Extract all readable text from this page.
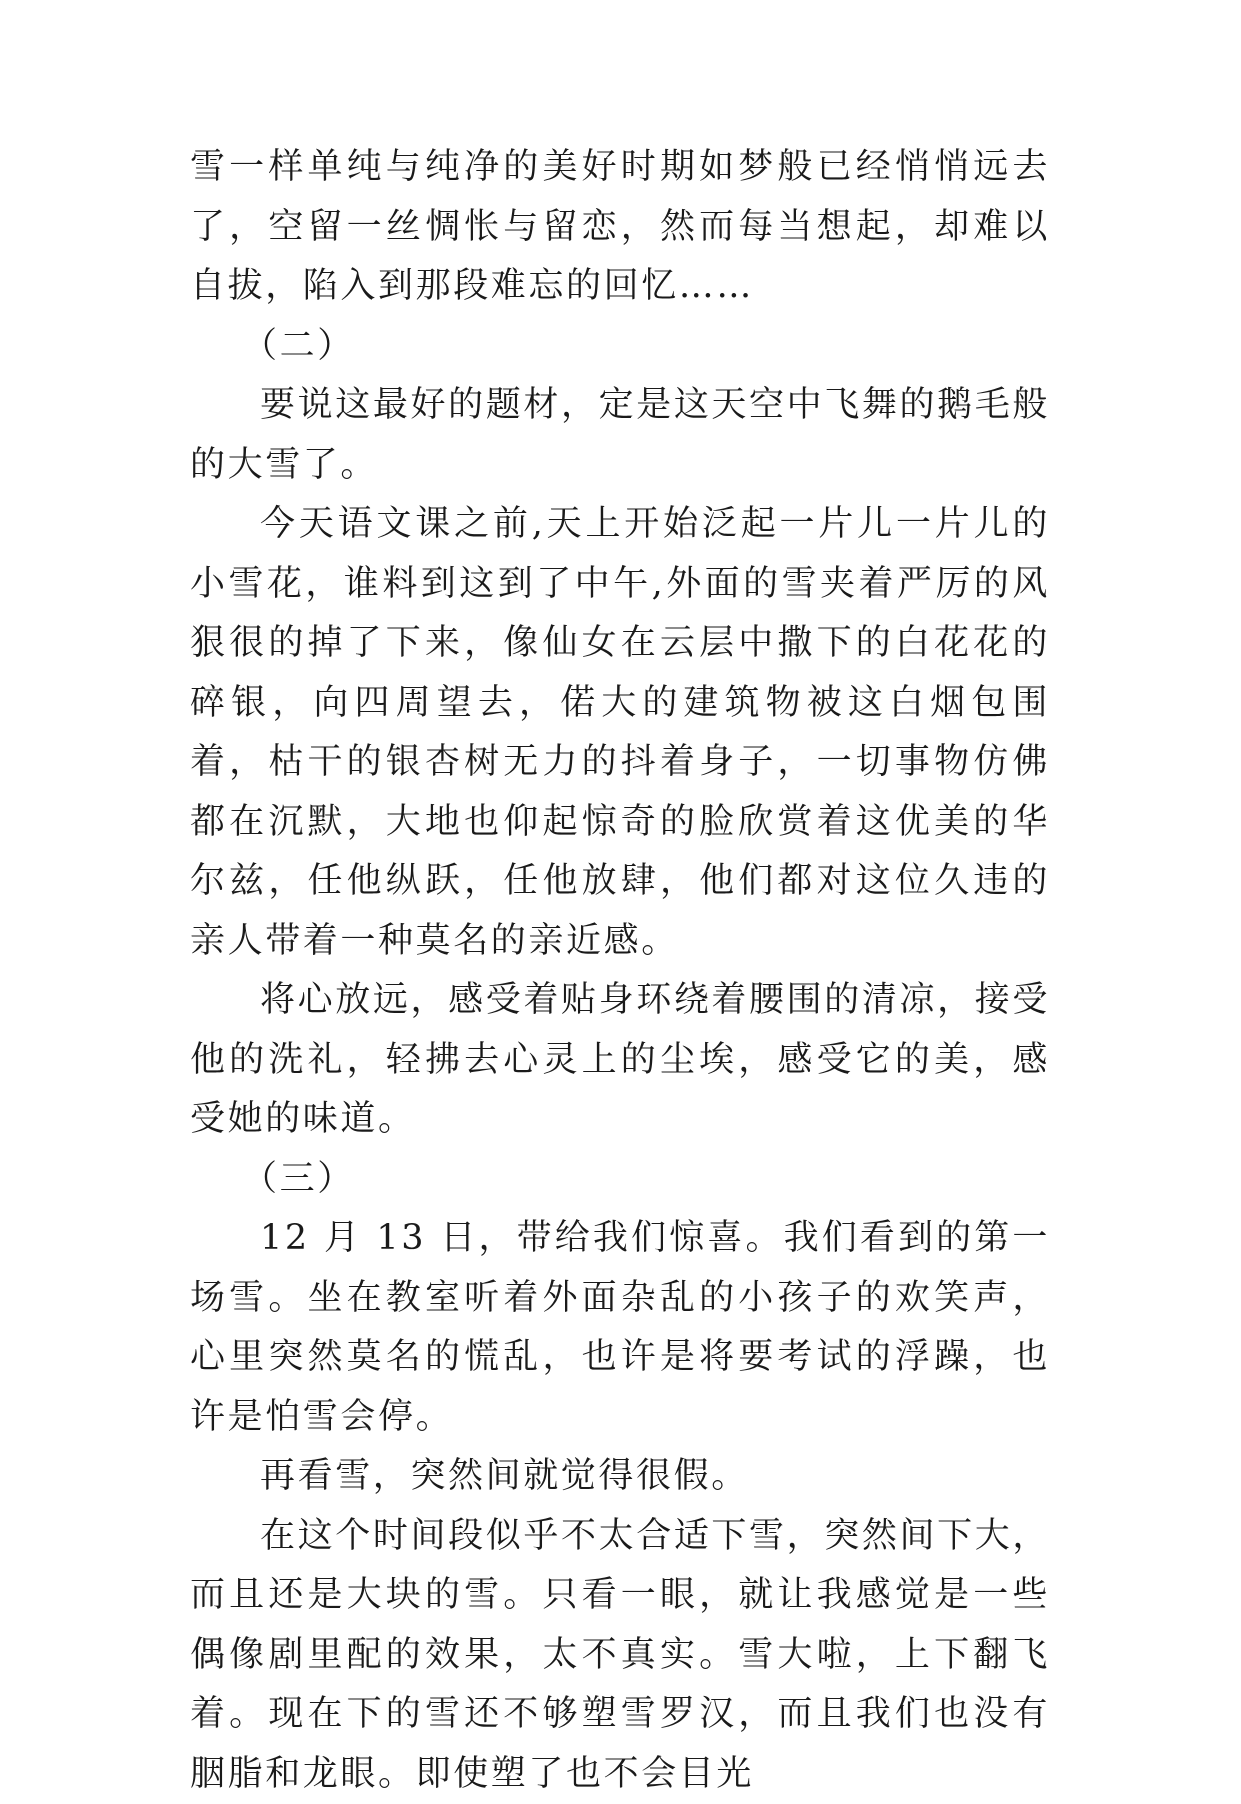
雪一样单纯与纯净的美好时期如梦般已经悄悄远去了，空留一丝惆怅与留恋，然而每当想起，却难以自拔，陷入到那段难忘的回忆……

（二）

要说这最好的题材，定是这天空中飞舞的鹅毛般的大雪了。

今天语文课之前,天上开始泛起一片儿一片儿的小雪花，谁料到这到了中午,外面的雪夹着严厉的风狠很的掉了下来，像仙女在云层中撒下的白花花的碎银，向四周望去，偌大的建筑物被这白烟包围着，枯干的银杏树无力的抖着身子，一切事物仿佛都在沉默，大地也仰起惊奇的脸欣赏着这优美的华尔兹，任他纵跃，任他放肆，他们都对这位久违的亲人带着一种莫名的亲近感。

将心放远，感受着贴身环绕着腰围的清凉，接受他的洗礼，轻拂去心灵上的尘埃，感受它的美，感受她的味道。

（三）

12 月 13 日，带给我们惊喜。我们看到的第一场雪。坐在教室听着外面杂乱的小孩子的欢笑声，心里突然莫名的慌乱，也许是将要考试的浮躁，也许是怕雪会停。

再看雪，突然间就觉得很假。

在这个时间段似乎不太合适下雪，突然间下大，而且还是大块的雪。只看一眼，就让我感觉是一些偶像剧里配的效果，太不真实。雪大啦，上下翻飞着。现在下的雪还不够塑雪罗汉，而且我们也没有胭脂和龙眼。即使塑了也不会目光
